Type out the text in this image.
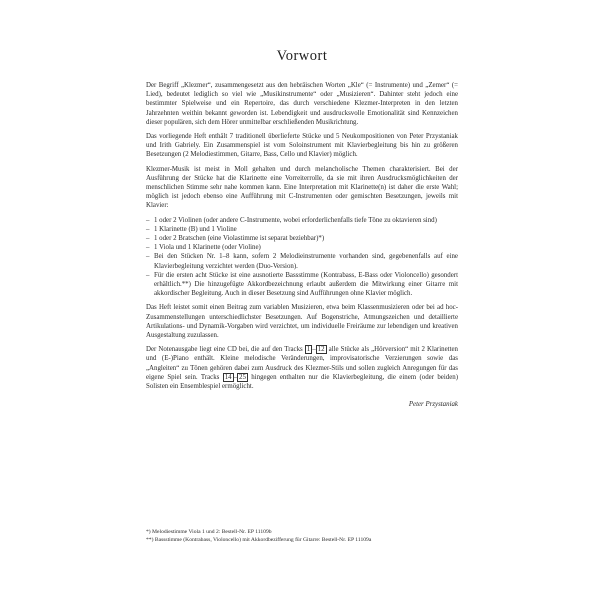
Vorwort

Der Begriff „Klezmer“, zusammengesetzt aus den hebräischen Worten „Kle“ (= Instrumente) und „Zemer“ (= Lied), bedeutet lediglich so viel wie „Musikinstrumente“ oder „Musizieren“. Dahinter steht jedoch eine bestimmter Spielweise und ein Repertoire, das durch verschiedene Klezmer-Interpreten in den letzten Jahrzehnten weithin bekannt geworden ist. Lebendigkeit und ausdrucksvolle Emotionalität sind Kennzeichen dieser populären, sich dem Hörer unmittelbar erschließenden Musikrichtung.

Das vorliegende Heft enthält 7 traditionell überlieferte Stücke und 5 Neukompositionen von Peter Przystaniak und Irith Gabriely. Ein Zusammenspiel ist vom Soloinstrument mit Klavierbegleitung bis hin zu größeren Besetzungen (2 Melodiestimmen, Gitarre, Bass, Cello und Klavier) möglich.

Klezmer-Musik ist meist in Moll gehalten und durch melancholische Themen charakterisiert. Bei der Ausführung der Stücke hat die Klarinette eine Vorreiterrolle, da sie mit ihren Ausdrucksmöglichkeiten der menschlichen Stimme sehr nahe kommen kann. Eine Interpretation mit Klarinette(n) ist daher die erste Wahl; möglich ist jedoch ebenso eine Aufführung mit C-Instrumenten oder gemischten Besetzungen, jeweils mit Klavier:

– 1 oder 2 Violinen (oder andere C-Instrumente, wobei erforderlichenfalls tiefe Töne zu oktavieren sind)
– 1 Klarinette (B) und 1 Violine
– 1 oder 2 Bratschen (eine Violastimme ist separat beziehbar)*)
– 1 Viola und 1 Klarinette (oder Violine)
– Bei den Stücken Nr. 1–8 kann, sofern 2 Melodieinstrumente vorhanden sind, gegebenenfalls auf eine Klavierbegleitung verzichtet werden (Duo-Version).
– Für die ersten acht Stücke ist eine ausnotierte Bassstimme (Kontrabass, E-Bass oder Violoncello) gesondert erhältlich.**) Die hinzugefügte Akkordbezeichnung erlaubt außerdem die Mitwirkung einer Gitarre mit akkordischer Begleitung. Auch in dieser Besetzung sind Aufführungen ohne Klavier möglich.

Das Heft leistet somit einen Beitrag zum variablen Musizieren, etwa beim Klassenmusizieren oder bei ad hoc-Zusammenstellungen unterschiedlichster Besetzungen. Auf Bogenstriche, Atmungszeichen und detaillierte Artikulations- und Dynamik-Vorgaben wird verzichtet, um individuelle Freiräume zur lebendigen und kreativen Ausgestaltung zuzulassen.

Der Notenausgabe liegt eine CD bei, die auf den Tracks 1 – 12 alle Stücke als „Hörversion“ mit 2 Klarinetten und (E-)Piano enthält. Kleine melodische Veränderungen, improvisatorische Verzierungen sowie das „Angleiten“ zu Tönen gehören dabei zum Ausdruck des Klezmer-Stils und sollen zugleich Anregungen für das eigene Spiel sein. Tracks 14 – 25 hingegen enthalten nur die Klavierbegleitung, die einem (oder beiden) Solisten ein Ensemblespiel ermöglicht.

Peter Przystaniak

*) Melodiestimme Viola 1 und 2: Bestell-Nr. EP 11109b

**) Bassstimme (Kontrabass, Violoncello) mit Akkordbezifferung für Gitarre: Bestell-Nr. EP 11109a
